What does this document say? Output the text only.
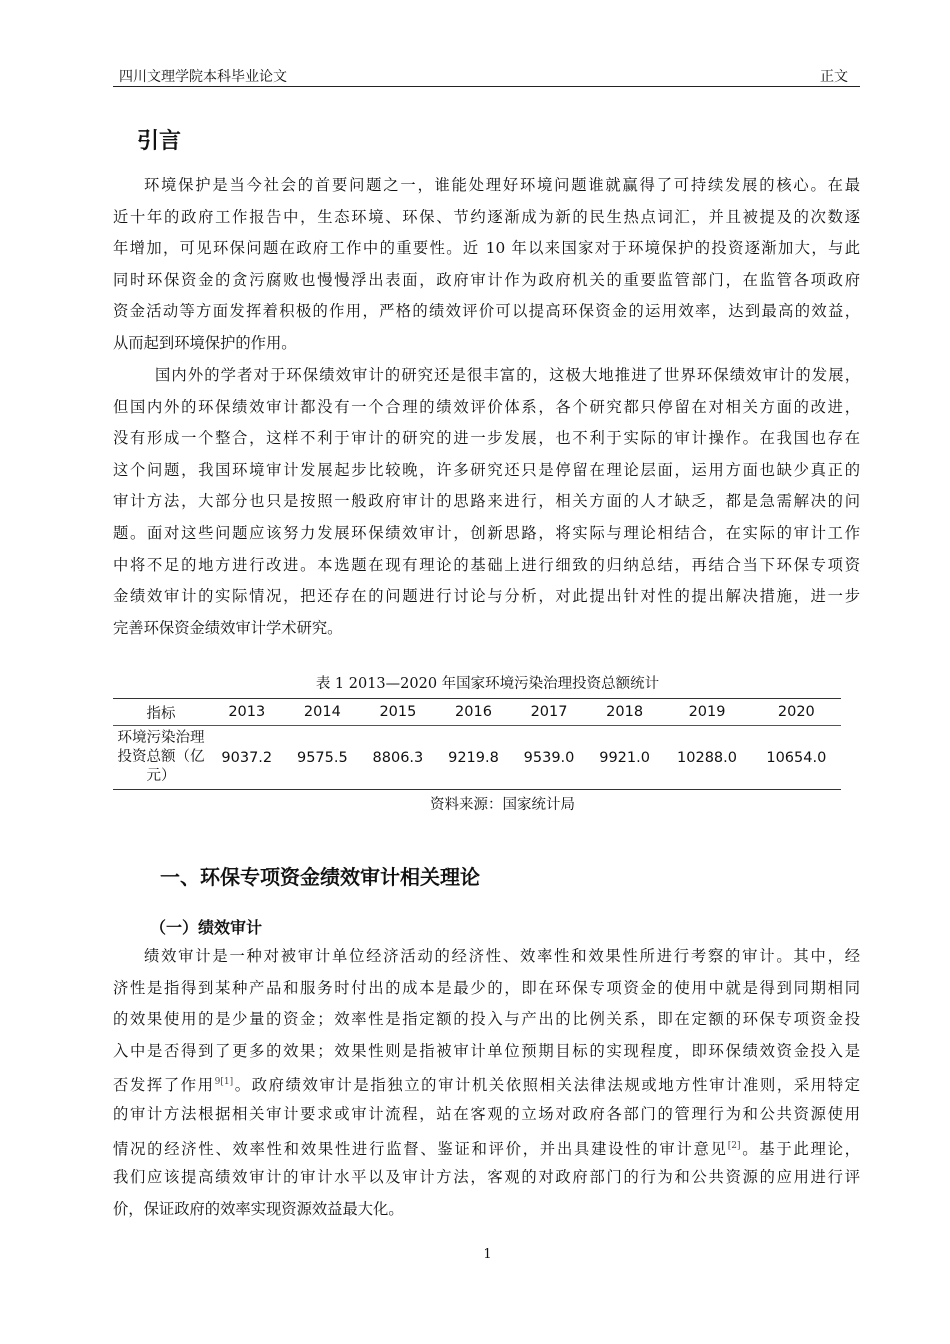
四川文理学院本科毕业论文	正文
引言
环境保护是当今社会的首要问题之一，谁能处理好环境问题谁就赢得了可持续发展的核心。在最
近十年的政府工作报告中，生态环境、环保、节约逐渐成为新的民生热点词汇，并且被提及的次数逐
年增加，可见环保问题在政府工作中的重要性。近 10 年以来国家对于环境保护的投资逐渐加大，与此
同时环保资金的贪污腐败也慢慢浮出表面，政府审计作为政府机关的重要监管部门，在监管各项政府
资金活动等方面发挥着积极的作用，严格的绩效评价可以提高环保资金的运用效率，达到最高的效益，
从而起到环境保护的作用。
国内外的学者对于环保绩效审计的研究还是很丰富的，这极大地推进了世界环保绩效审计的发展，
但国内外的环保绩效审计都没有一个合理的绩效评价体系，各个研究都只停留在对相关方面的改进，
没有形成一个整合，这样不利于审计的研究的进一步发展，也不利于实际的审计操作。在我国也存在
这个问题，我国环境审计发展起步比较晚，许多研究还只是停留在理论层面，运用方面也缺少真正的
审计方法，大部分也只是按照一般政府审计的思路来进行，相关方面的人才缺乏，都是急需解决的问
题。面对这些问题应该努力发展环保绩效审计，创新思路，将实际与理论相结合，在实际的审计工作
中将不足的地方进行改进。本选题在现有理论的基础上进行细致的归纳总结，再结合当下环保专项资
金绩效审计的实际情况，把还存在的问题进行讨论与分析，对此提出针对性的提出解决措施，进一步
完善环保资金绩效审计学术研究。
表 1 2013—2020 年国家环境污染治理投资总额统计
指标	2013	2014	2015	2016	2017	2018	2019	2020

环境污染治理
投资总额（亿
元）	9037.2	9575.5	8806.3	9219.8	9539.0	9921.0	10288.0	10654.0
资料来源：国家统计局
一、环保专项资金绩效审计相关理论
（一）绩效审计
绩效审计是一种对被审计单位经济活动的经济性、效率性和效果性所进行考察的审计。其中，经
济性是指得到某种产品和服务时付出的成本是最少的，即在环保专项资金的使用中就是得到同期相同
的效果使用的是少量的资金；效率性是指定额的投入与产出的比例关系，即在定额的环保专项资金投
入中是否得到了更多的效果；效果性则是指被审计单位预期目标的实现程度，即环保绩效资金投入是
否发挥了作用$^{9[1]}$。政府绩效审计是指独立的审计机关依照相关法律法规或地方性审计准则，采用特定
的审计方法根据相关审计要求或审计流程，站在客观的立场对政府各部门的管理行为和公共资源使用
情况的经济性、效率性和效果性进行监督、鉴证和评价，并出具建设性的审计意见[2]。基于此理论，
我们应该提高绩效审计的审计水平以及审计方法，客观的对政府部门的行为和公共资源的应用进行评
价，保证政府的效率实现资源效益最大化。
1
